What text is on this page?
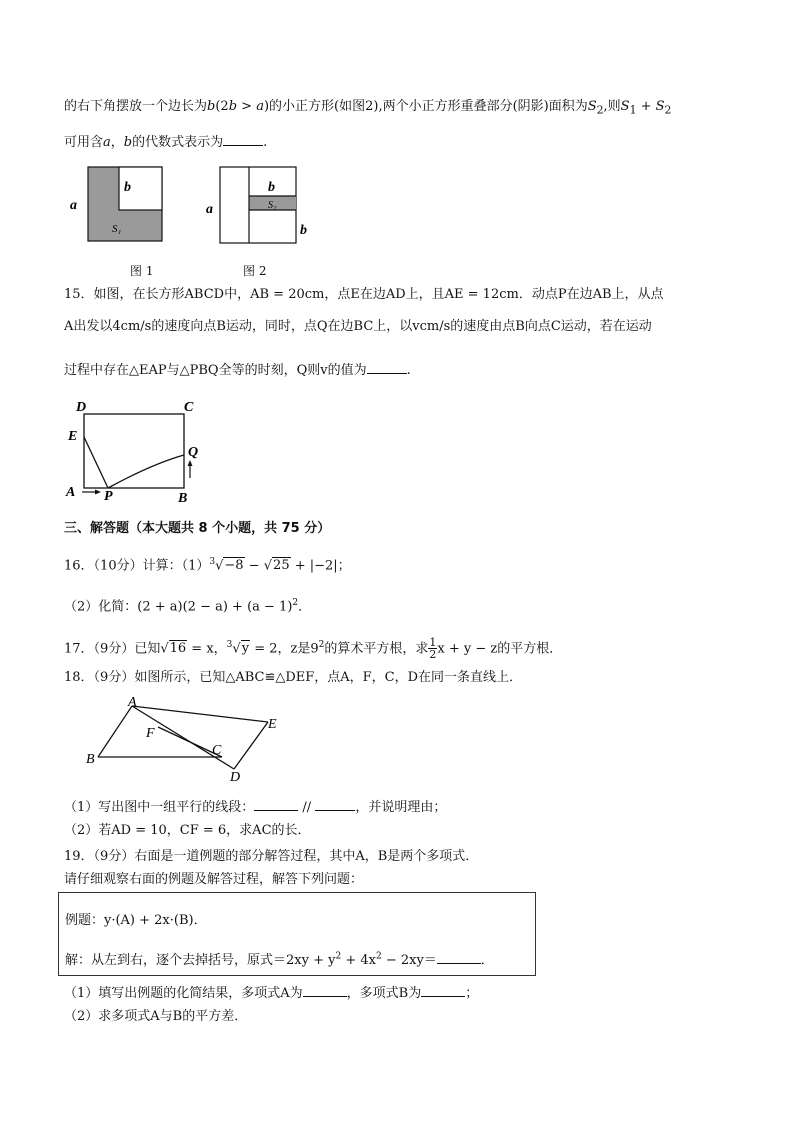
的右下角摆放一个边长为b(2b > a)的小正方形(如图2),两个小正方形重叠部分(阴影)面积为$S_2$,则$S_1 + S_2$
可用含a，b的代数式表示为	.
a
b
S₁
图 1
a
b
S₂
b
图 2
15．如图，在长方形ABCD中，AB = 20cm，点E在边AD上，且AE = 12cm．动点P在边AB上，从点
A出发以4cm/s的速度向点B运动，同时，点Q在边BC上，以vcm/s的速度由点B向点C运动，若在运动
过程中存在△EAP与△PBQ全等的时刻，Q则v的值为	.
D	C
E
Q
A P	B
三、解答题（本大题共 8 个小题，共 75 分）
16．（10分）计算：$(1)^3√-8 - √25 + |-2|$；
（2）化简：$(2 + a)(2 - a) + (a - 1)^2$．
17．（9分）已知√16 = x，$^3$√y = 2，z是$9^2$的算术平方根，求 $\frac{1}{2}$ x + y − z的平方根．
18．（9分）如图所示，已知△ABC≌△DEF，点A，F，C，D在同一条直线上．
A
E
F
C
B
D
（1）写出图中一组平行的线段：	//	，并说明理由；
（2）若AD = 10，CF = 6，求AC的长．
19．（9分）右面是一道例题的部分解答过程，其中A，B是两个多项式．
请仔细观察右面的例题及解答过程，解答下列问题：
例题：y·(A) + 2x·(B)．
解：从左到右，逐个去掉括号，原式$=2xy + y^2 + 4x^2 - 2xy=$	．
（1）填写出例题的化简结果，多项式A为	，多项式B为	；
（2）求多项式A与B的平方差．
